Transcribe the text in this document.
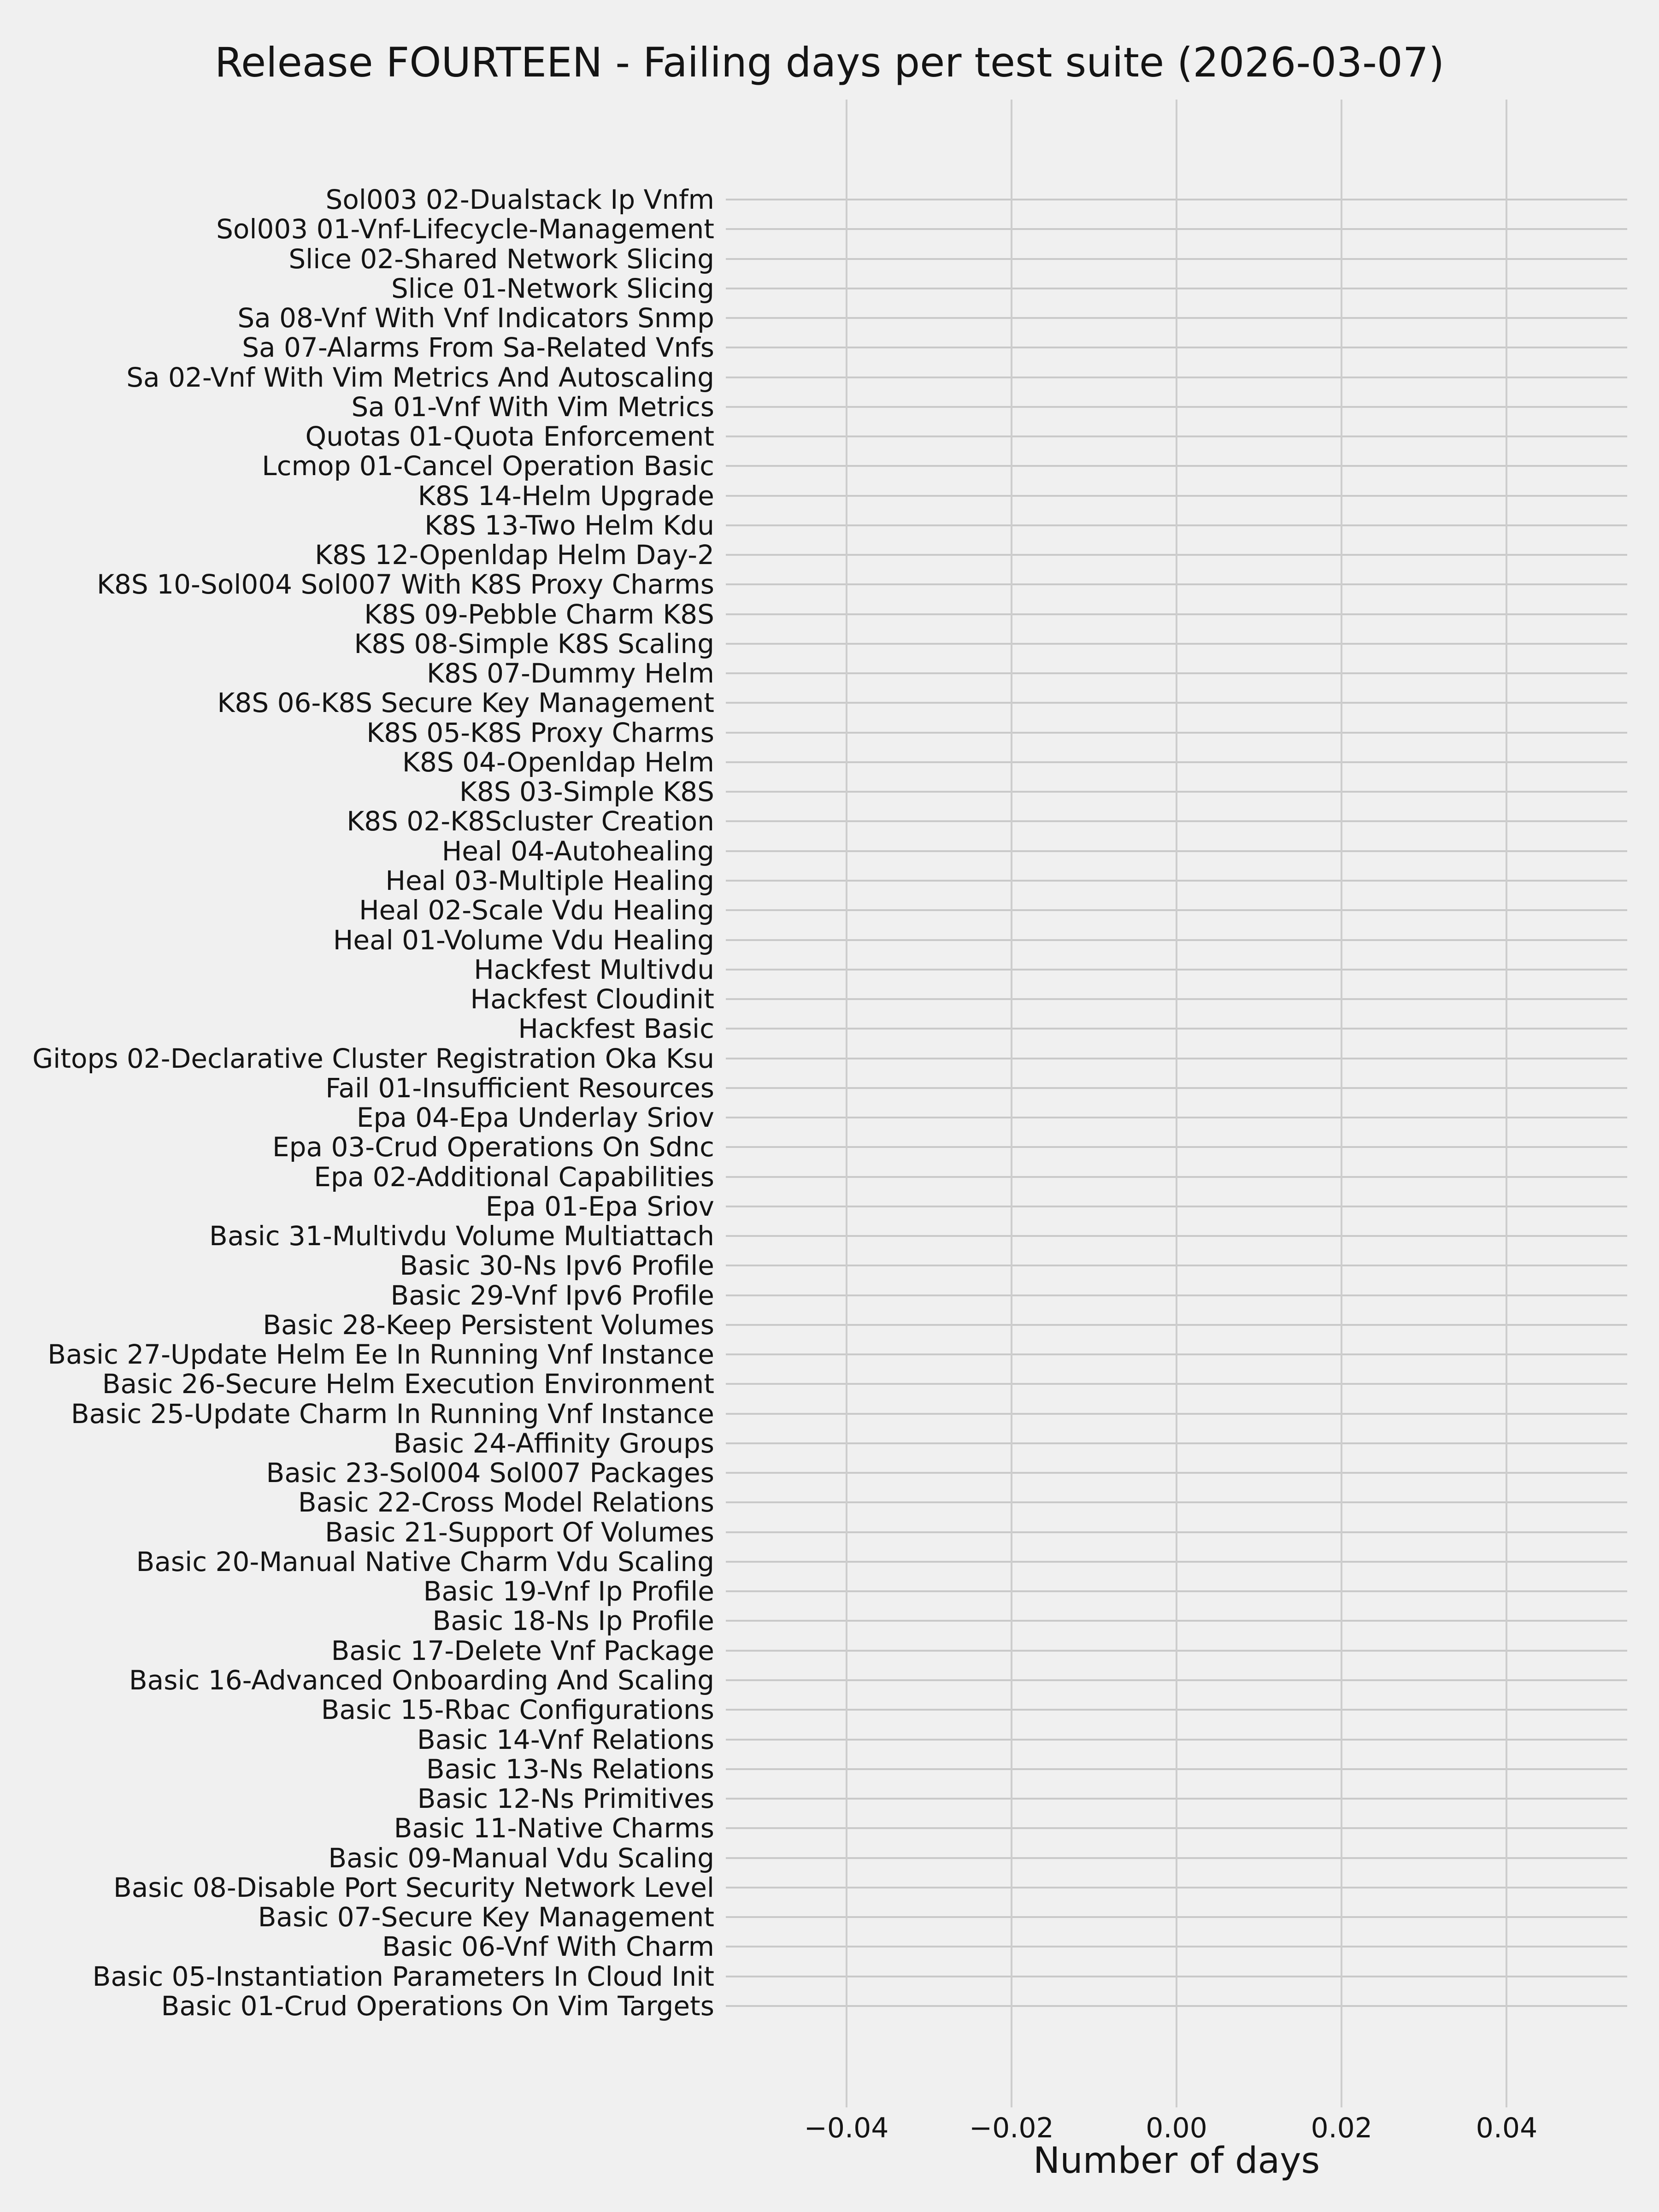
Release FOURTEEN - Failing days per test suite (2026-03-07)
Sol003 02-Dualstack Ip Vnfm
Sol003 01-Vnf-Lifecycle-Management
Slice 02-Shared Network Slicing
Slice 01-Network Slicing
Sa 08-Vnf With Vnf Indicators Snmp
Sa 07-Alarms From Sa-Related Vnfs
Sa 02-Vnf With Vim Metrics And Autoscaling
Sa 01-Vnf With Vim Metrics
Quotas 01-Quota Enforcement
Lcmop 01-Cancel Operation Basic
K8S 14-Helm Upgrade
K8S 13-Two Helm Kdu
K8S 12-Openldap Helm Day-2
K8S 10-Sol004 Sol007 With K8S Proxy Charms
K8S 09-Pebble Charm K8S
K8S 08-Simple K8S Scaling
K8S 07-Dummy Helm
K8S 06-K8S Secure Key Management
K8S 05-K8S Proxy Charms
K8S 04-Openldap Helm
K8S 03-Simple K8S
K8S 02-K8Scluster Creation
Heal 04-Autohealing
Heal 03-Multiple Healing
Heal 02-Scale Vdu Healing
Heal 01-Volume Vdu Healing
Hackfest Multivdu
Hackfest Cloudinit
Hackfest Basic
Gitops 02-Declarative Cluster Registration Oka Ksu
Fail 01-Insufficient Resources
Epa 04-Epa Underlay Sriov
Epa 03-Crud Operations On Sdnc
Epa 02-Additional Capabilities
Epa 01-Epa Sriov
Basic 31-Multivdu Volume Multiattach
Basic 30-Ns Ipv6 Profile
Basic 29-Vnf Ipv6 Profile
Basic 28-Keep Persistent Volumes
Basic 27-Update Helm Ee In Running Vnf Instance
Basic 26-Secure Helm Execution Environment
Basic 25-Update Charm In Running Vnf Instance
Basic 24-Affinity Groups
Basic 23-Sol004 Sol007 Packages
Basic 22-Cross Model Relations
Basic 21-Support Of Volumes
Basic 20-Manual Native Charm Vdu Scaling
Basic 19-Vnf Ip Profile
Basic 18-Ns Ip Profile
Basic 17-Delete Vnf Package
Basic 16-Advanced Onboarding And Scaling
Basic 15-Rbac Configurations
Basic 14-Vnf Relations
Basic 13-Ns Relations
Basic 12-Ns Primitives
Basic 11-Native Charms
Basic 09-Manual Vdu Scaling
Basic 08-Disable Port Security Network Level
Basic 07-Secure Key Management
Basic 06-Vnf With Charm
Basic 05-Instantiation Parameters In Cloud Init
Basic 01-Crud Operations On Vim Targets
−0.04	−0.02	0.00	0.02	0.04
Number of days
